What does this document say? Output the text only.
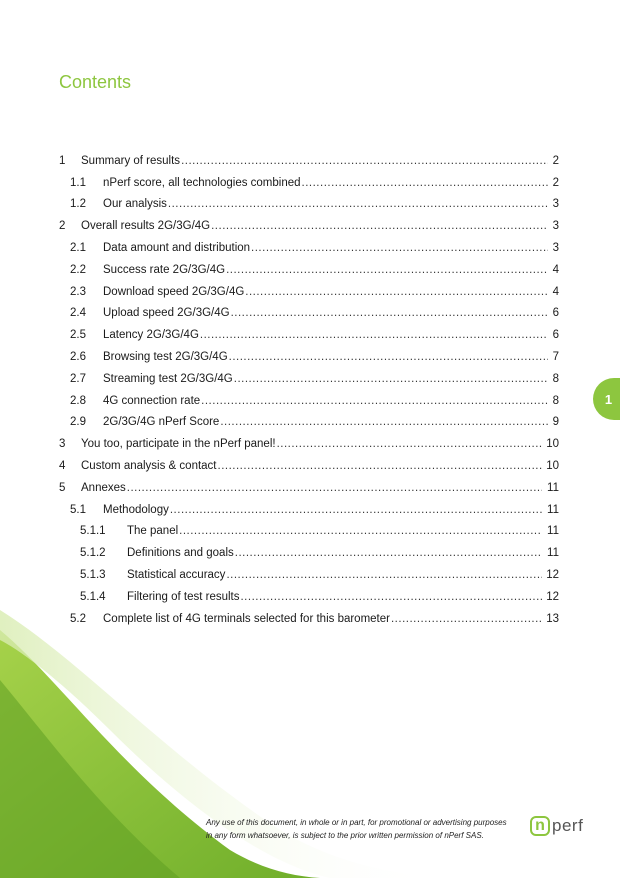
Contents
1	Summary of results .....	2
1.1	nPerf score, all technologies combined .....	2
1.2	Our analysis .....	3
2	Overall results 2G/3G/4G .....	3
2.1	Data amount and distribution .....	3
2.2	Success rate 2G/3G/4G .....	4
2.3	Download speed 2G/3G/4G .....	4
2.4	Upload speed 2G/3G/4G .....	6
2.5	Latency 2G/3G/4G .....	6
2.6	Browsing test 2G/3G/4G .....	7
2.7	Streaming test 2G/3G/4G .....	8
2.8	4G connection rate .....	8
2.9	2G/3G/4G nPerf Score .....	9
3	You too, participate in the nPerf panel! .....	10
4	Custom analysis & contact .....	10
5	Annexes .....	11
5.1	Methodology .....	11
5.1.1	The panel .....	11
5.1.2	Definitions and goals .....	11
5.1.3	Statistical accuracy .....	12
5.1.4	Filtering of test results .....	12
5.2	Complete list of 4G terminals selected for this barometer .....	13
1
Any use of this document, in whole or in part, for promotional or advertising purposes
in any form whatsoever, is subject to the prior written permission of nPerf SAS.
n perf
